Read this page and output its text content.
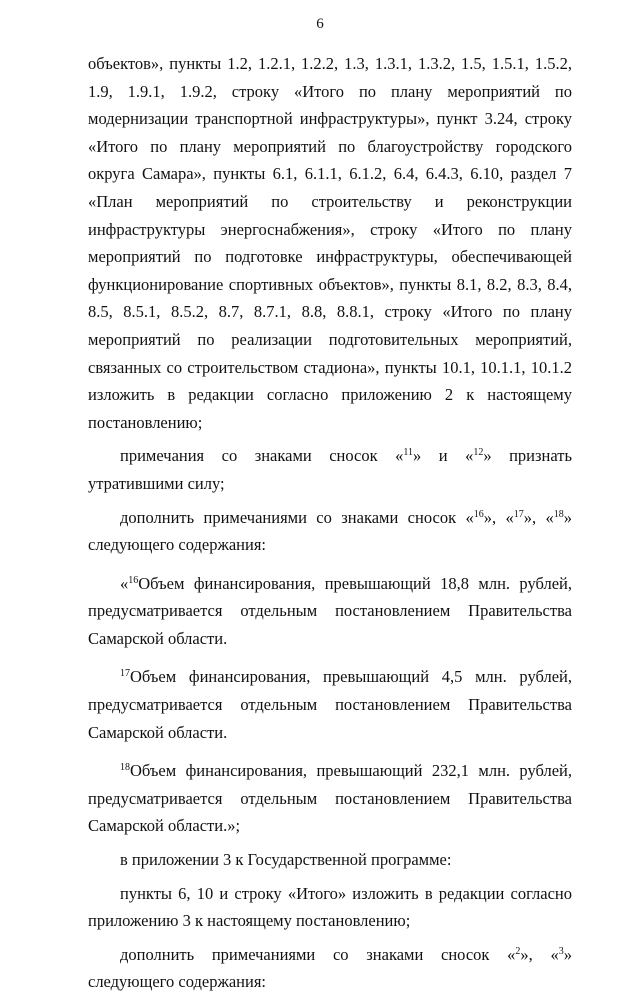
6

объектов», пункты 1.2, 1.2.1, 1.2.2, 1.3, 1.3.1, 1.3.2, 1.5, 1.5.1, 1.5.2, 1.9, 1.9.1, 1.9.2, строку «Итого по плану мероприятий по модернизации транспортной инфраструктуры», пункт 3.24, строку «Итого по плану мероприятий по благоустройству городского округа Самара», пункты 6.1, 6.1.1, 6.1.2, 6.4, 6.4.3, 6.10, раздел 7 «План мероприятий по строительству и реконструкции инфраструктуры энергоснабжения», строку «Итого по плану мероприятий по подготовке инфраструктуры, обеспечивающей функционирование спортивных объектов», пункты 8.1, 8.2, 8.3, 8.4, 8.5, 8.5.1, 8.5.2, 8.7, 8.7.1, 8.8, 8.8.1, строку «Итого по плану мероприятий по реализации подготовительных мероприятий, связанных со строительством стадиона», пункты 10.1, 10.1.1, 10.1.2 изложить в редакции согласно приложению 2 к настоящему постановлению;

примечания со знаками сносок «$^{11}$» и «$^{12}$» признать утратившими силу;

дополнить примечаниями со знаками сносок «$^{16}$», «$^{17}$», «$^{18}$» следующего содержания:

«$^{16}$Объем финансирования, превышающий 18,8 млн. рублей, предусматривается отдельным постановлением Правительства Самарской области.

$^{17}$Объем финансирования, превышающий 4,5 млн. рублей, предусматривается отдельным постановлением Правительства Самарской области.

$^{18}$Объем финансирования, превышающий 232,1 млн. рублей, предусматривается отдельным постановлением Правительства Самарской области.»;

в приложении 3 к Государственной программе:

пункты 6, 10 и строку «Итого» изложить в редакции согласно приложению 3 к настоящему постановлению;

дополнить примечаниями со знаками сносок «$^2$», «$^3$» следующего содержания:
